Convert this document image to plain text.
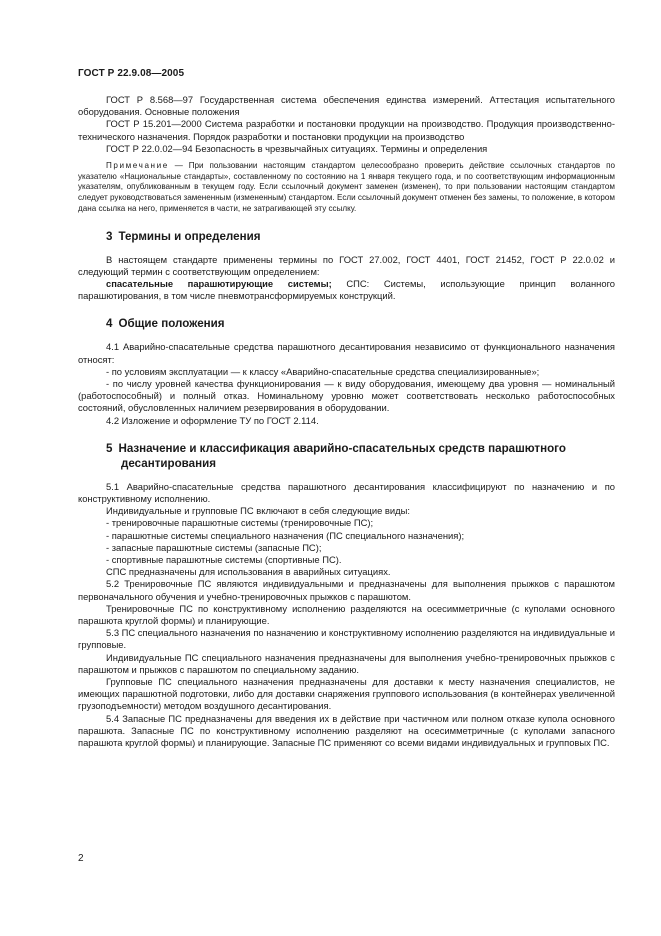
ГОСТ Р 22.9.08—2005

ГОСТ Р 8.568—97 Государственная система обеспечения единства измерений. Аттестация испытательного оборудования. Основные положения

ГОСТ Р 15.201—2000 Система разработки и постановки продукции на производство. Продукция производственно-технического назначения. Порядок разработки и постановки продукции на производство

ГОСТ Р 22.0.02—94 Безопасность в чрезвычайных ситуациях. Термины и определения

Примечание — При пользовании настоящим стандартом целесообразно проверить действие ссылочных стандартов по указателю «Национальные стандарты», составленному по состоянию на 1 января текущего года, и по соответствующим информационным указателям, опубликованным в текущем году. Если ссылочный документ заменен (изменен), то при пользовании настоящим стандартом следует руководствоваться замененным (измененным) стандартом. Если ссылочный документ отменен без замены, то положение, в котором дана ссылка на него, применяется в части, не затрагивающей эту ссылку.

3 Термины и определения

В настоящем стандарте применены термины по ГОСТ 27.002, ГОСТ 4401, ГОСТ 21452, ГОСТ Р 22.0.02 и следующий термин с соответствующим определением:

спасательные парашютирующие системы; СПС: Системы, использующие принцип воланного парашютирования, в том числе пневмотрансформируемых конструкций.

4 Общие положения

4.1 Аварийно-спасательные средства парашютного десантирования независимо от функционального назначения относят:

- по условиям эксплуатации — к классу «Аварийно-спасательные средства специализированные»;

- по числу уровней качества функционирования — к виду оборудования, имеющему два уровня — номинальный (работоспособный) и полный отказ. Номинальному уровню может соответствовать несколько работоспособных состояний, обусловленных наличием резервирования в оборудовании.

4.2 Изложение и оформление ТУ по ГОСТ 2.114.

5 Назначение и классификация аварийно-спасательных средств парашютного десантирования

5.1 Аварийно-спасательные средства парашютного десантирования классифицируют по назначению и по конструктивному исполнению.

Индивидуальные и групповые ПС включают в себя следующие виды:

- тренировочные парашютные системы (тренировочные ПС);

- парашютные системы специального назначения (ПС специального назначения);

- запасные парашютные системы (запасные ПС);

- спортивные парашютные системы (спортивные ПС).

СПС предназначены для использования в аварийных ситуациях.

5.2 Тренировочные ПС являются индивидуальными и предназначены для выполнения прыжков с парашютом первоначального обучения и учебно-тренировочных прыжков с парашютом.

Тренировочные ПС по конструктивному исполнению разделяются на осесимметричные (с куполами основного парашюта круглой формы) и планирующие.

5.3 ПС специального назначения по назначению и конструктивному исполнению разделяются на индивидуальные и групповые.

Индивидуальные ПС специального назначения предназначены для выполнения учебно-тренировочных прыжков с парашютом и прыжков с парашютом по специальному заданию.

Групповые ПС специального назначения предназначены для доставки к месту назначения специалистов, не имеющих парашютной подготовки, либо для доставки снаряжения группового использования (в контейнерах увеличенной грузоподъемности) методом воздушного десантирования.

5.4 Запасные ПС предназначены для введения их в действие при частичном или полном отказе купола основного парашюта. Запасные ПС по конструктивному исполнению разделяют на осесимметричные (с куполами запасного парашюта круглой формы) и планирующие. Запасные ПС применяют со всеми видами индивидуальных и групповых ПС.

2
